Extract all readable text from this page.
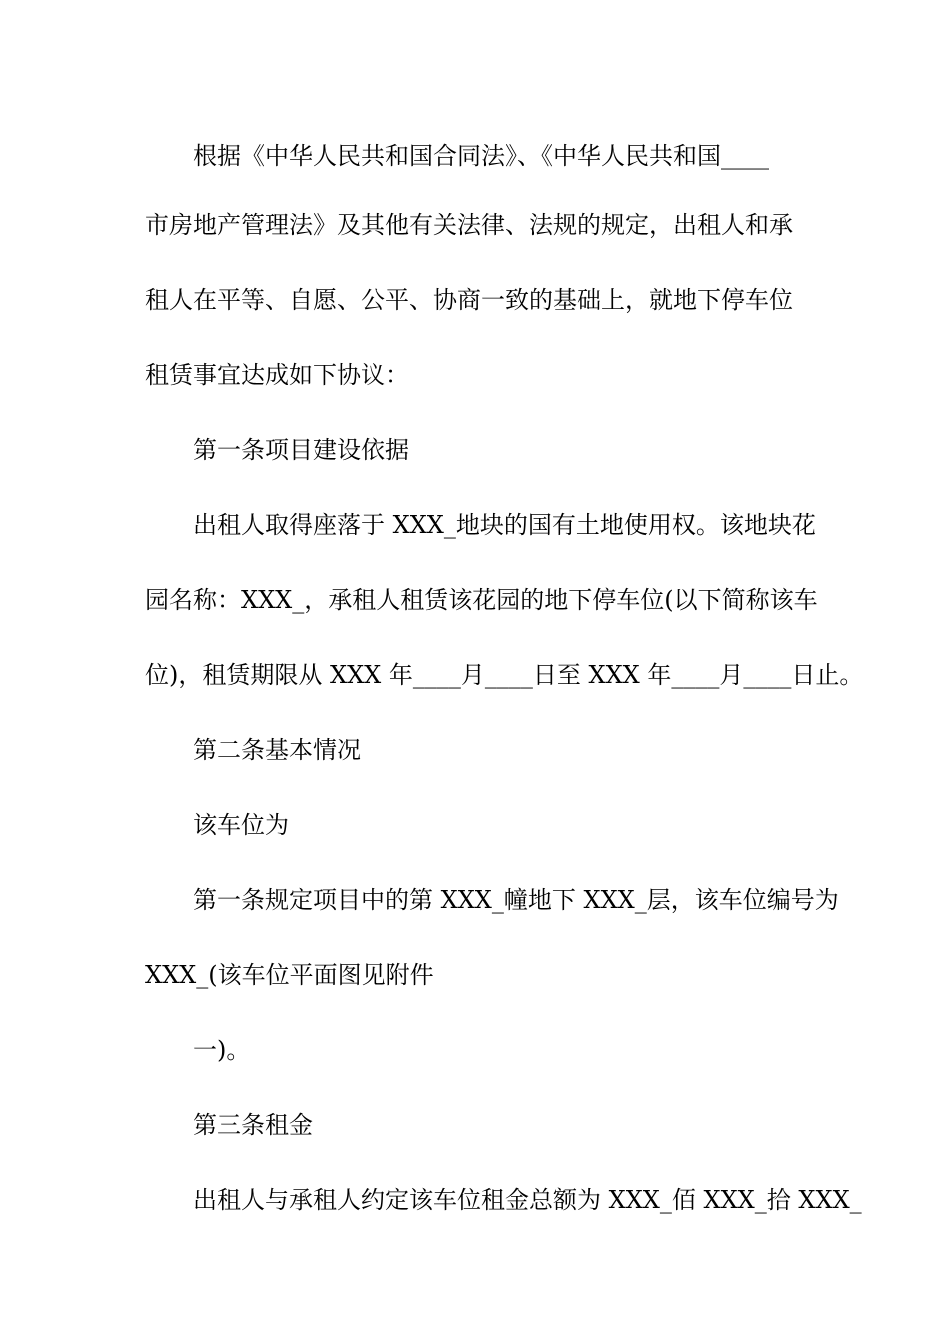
根据《中华人民共和国合同法》、《中华人民共和国____
市房地产管理法》及其他有关法律、法规的规定，出租人和承
租人在平等、自愿、公平、协商一致的基础上，就地下停车位
租赁事宜达成如下协议：
第一条项目建设依据
出租人取得座落于 XXX_地块的国有土地使用权。该地块花
园名称：XXX_，承租人租赁该花园的地下停车位(以下简称该车
位)，租赁期限从 XXX 年____月____日至 XXX 年____月____日止。
第二条基本情况
该车位为
第一条规定项目中的第 XXX_幢地下 XXX_层，该车位编号为
XXX_(该车位平面图见附件
一)。
第三条租金
出租人与承租人约定该车位租金总额为 XXX_佰 XXX_拾 XXX_
